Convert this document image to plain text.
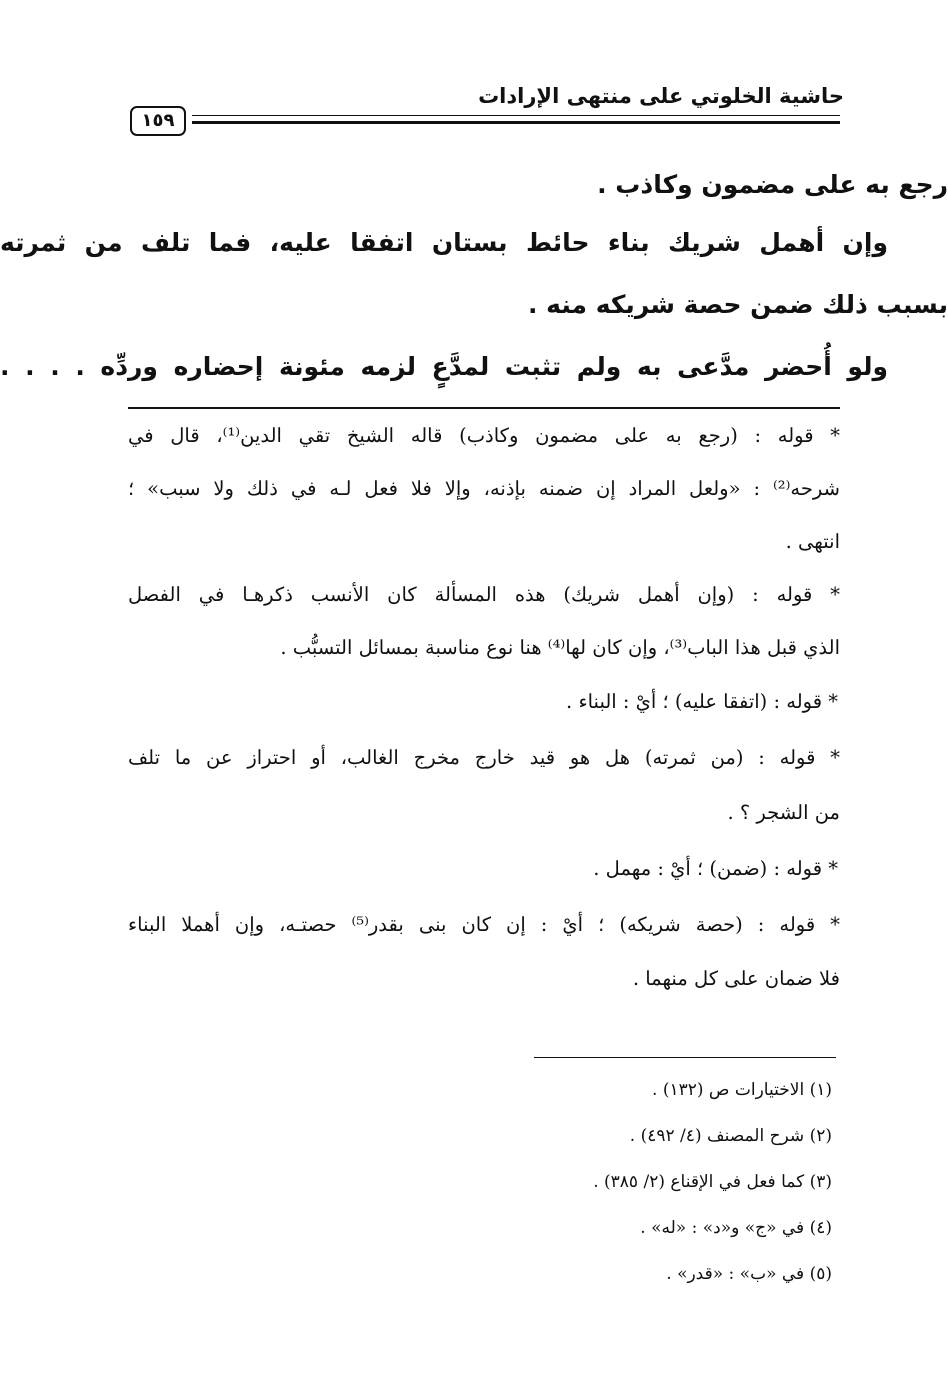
حاشية الخلوتي على منتهى الإرادات
١٥٩
رجع به على مضمون وكاذب .
وإن أهمل شريك بناء حائط بستان اتفقا عليه، فما تلف من ثمرته
بسبب ذلك ضمن حصة شريكه منه .
ولو أُحضر مدَّعى به ولم تثبت لمدَّعٍ لزمه مئونة إحضاره وردِّه . . . .
* قوله : (رجع به على مضمون وكاذب) قاله الشيخ تقي الدين⁽¹⁾، قال في
شرحه⁽²⁾ : «ولعل المراد إن ضمنه بإذنه، وإلا فلا فعل لـه في ذلك ولا سبب» ؛
انتهى .
* قوله : (وإن أهمل شريك) هذه المسألة كان الأنسب ذكرهـا في الفصل
الذي قبل هذا الباب⁽³⁾، وإن كان لها⁽⁴⁾ هنا نوع مناسبة بمسائل التسبُّب .
* قوله : (اتفقا عليه) ؛ أيْ : البناء .
* قوله : (من ثمرته) هل هو قيد خارج مخرج الغالب، أو احتراز عن ما تلف
من الشجر ؟ .
* قوله : (ضمن) ؛ أيْ : مهمل .
* قوله : (حصة شريكه) ؛ أيْ : إن كان بنى بقدر⁽⁵⁾ حصتـه، وإن أهملا البناء
فلا ضمان على كل منهما .
(١) الاختيارات ص (١٣٢) .
(٢) شرح المصنف (٤/ ٤٩٢) .
(٣) كما فعل في الإقناع (٢/ ٣٨٥) .
(٤) في «ج» و«د» : «له» .
(٥) في «ب» : «قدر» .
